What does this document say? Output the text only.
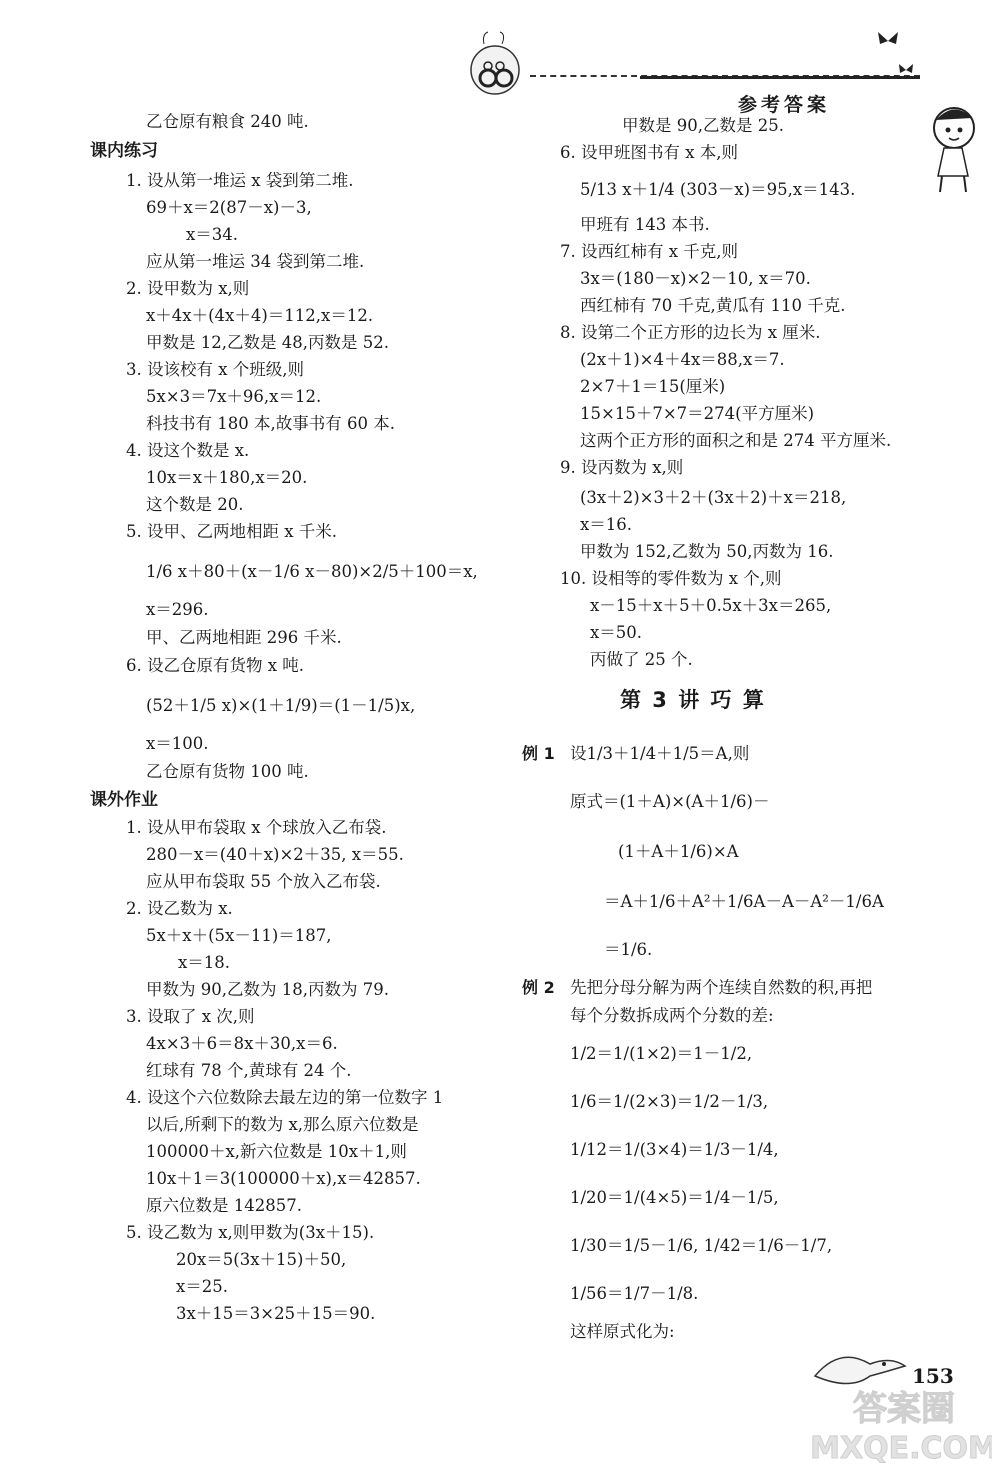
参考答案
乙仓原有粮食 240 吨.
课内练习
1. 设从第一堆运 x 袋到第二堆.
69＋x＝2(87－x)－3,
x＝34.
应从第一堆运 34 袋到第二堆.
2. 设甲数为 x,则
x＋4x＋(4x＋4)＝112,x＝12.
甲数是 12,乙数是 48,丙数是 52.
3. 设该校有 x 个班级,则
5x×3＝7x＋96,x＝12.
科技书有 180 本,故事书有 60 本.
4. 设这个数是 x.
10x＝x＋180,x＝20.
这个数是 20.
5. 设甲、乙两地相距 x 千米.
1/6 x＋80＋(x－1/6 x－80)×2/5＋100＝x,
x＝296.
甲、乙两地相距 296 千米.
6. 设乙仓原有货物 x 吨.
(52＋1/5 x)×(1＋1/9)＝(1－1/5)x,
x＝100.
乙仓原有货物 100 吨.
课外作业
1. 设从甲布袋取 x 个球放入乙布袋.
280－x＝(40＋x)×2＋35, x＝55.
应从甲布袋取 55 个放入乙布袋.
2. 设乙数为 x.
5x＋x＋(5x－11)＝187,
x＝18.
甲数为 90,乙数为 18,丙数为 79.
3. 设取了 x 次,则
4x×3＋6＝8x＋30,x＝6.
红球有 78 个,黄球有 24 个.
4. 设这个六位数除去最左边的第一位数字 1
以后,所剩下的数为 x,那么原六位数是
100000＋x,新六位数是 10x＋1,则
10x＋1＝3(100000＋x),x＝42857.
原六位数是 142857.
5. 设乙数为 x,则甲数为(3x＋15).
20x＝5(3x＋15)＋50,
x＝25.
3x＋15＝3×25＋15＝90.
甲数是 90,乙数是 25.
6. 设甲班图书有 x 本,则
5/13 x＋1/4 (303－x)＝95,x＝143.
甲班有 143 本书.
7. 设西红柿有 x 千克,则
3x＝(180－x)×2－10, x＝70.
西红柿有 70 千克,黄瓜有 110 千克.
8. 设第二个正方形的边长为 x 厘米.
(2x＋1)×4＋4x＝88,x＝7.
2×7＋1＝15(厘米)
15×15＋7×7＝274(平方厘米)
这两个正方形的面积之和是 274 平方厘米.
9. 设丙数为 x,则
(3x＋2)×3＋2＋(3x＋2)＋x＝218,
x＝16.
甲数为 152,乙数为 50,丙数为 16.
10. 设相等的零件数为 x 个,则
x－15＋x＋5＋0.5x＋3x＝265,
x＝50.
丙做了 25 个.
第 3 讲 巧 算
例 1 设1/3＋1/4＋1/5＝A,则
原式＝(1＋A)×(A＋1/6)－
(1＋A＋1/6)×A
＝A＋1/6＋A²＋1/6A－A－A²－1/6A
＝1/6.
例 2 先把分母分解为两个连续自然数的积,再把
每个分数拆成两个分数的差:
1/2＝1/(1×2)＝1－1/2,
1/6＝1/(2×3)＝1/2－1/3,
1/12＝1/(3×4)＝1/3－1/4,
1/20＝1/(4×5)＝1/4－1/5,
1/30＝1/5－1/6, 1/42＝1/6－1/7,
1/56＝1/7－1/8.
这样原式化为:
153
答案圈
MXQE.COM
